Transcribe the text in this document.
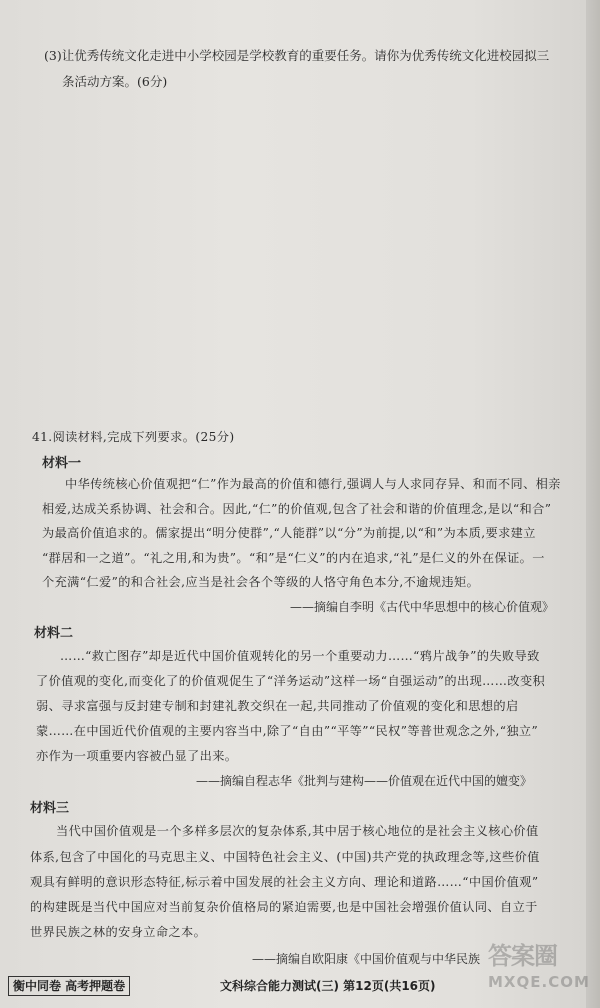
(3)让优秀传统文化走进中小学校园是学校教育的重要任务。请你为优秀传统文化进校园拟三
条活动方案。(6分)
41.阅读材料,完成下列要求。(25分)
材料一
中华传统核心价值观把“仁”作为最高的价值和德行,强调人与人求同存异、和而不同、相亲
相爱,达成关系协调、社会和合。因此,“仁”的价值观,包含了社会和谐的价值理念,是以“和合”
为最高价值追求的。儒家提出“明分使群”,“人能群”以“分”为前提,以“和”为本质,要求建立
“群居和一之道”。“礼之用,和为贵”。“和”是“仁义”的内在追求,“礼”是仁义的外在保证。一
个充满“仁爱”的和合社会,应当是社会各个等级的人恪守角色本分,不逾规违矩。
——摘编自李明《古代中华思想中的核心价值观》
材料二
……“救亡图存”却是近代中国价值观转化的另一个重要动力……“鸦片战争”的失败导致
了价值观的变化,而变化了的价值观促生了“洋务运动”这样一场“自强运动”的出现……改变积
弱、寻求富强与反封建专制和封建礼教交织在一起,共同推动了价值观的变化和思想的启
蒙……在中国近代价值观的主要内容当中,除了“自由”“平等”“民权”等普世观念之外,“独立”
亦作为一项重要内容被凸显了出来。
——摘编自程志华《批判与建构——价值观在近代中国的嬗变》
材料三
当代中国价值观是一个多样多层次的复杂体系,其中居于核心地位的是社会主义核心价值
体系,包含了中国化的马克思主义、中国特色社会主义、(中国)共产党的执政理念等,这些价值
观具有鲜明的意识形态特征,标示着中国发展的社会主义方向、理论和道路……“中国价值观”
的构建既是当代中国应对当前复杂价值格局的紧迫需要,也是中国社会增强价值认同、自立于
世界民族之林的安身立命之本。
——摘编自欧阳康《中国价值观与中华民族
衡中同卷 高考押题卷	文科综合能力测试(三) 第12页(共16页)
答案圈
MXQE.COM
